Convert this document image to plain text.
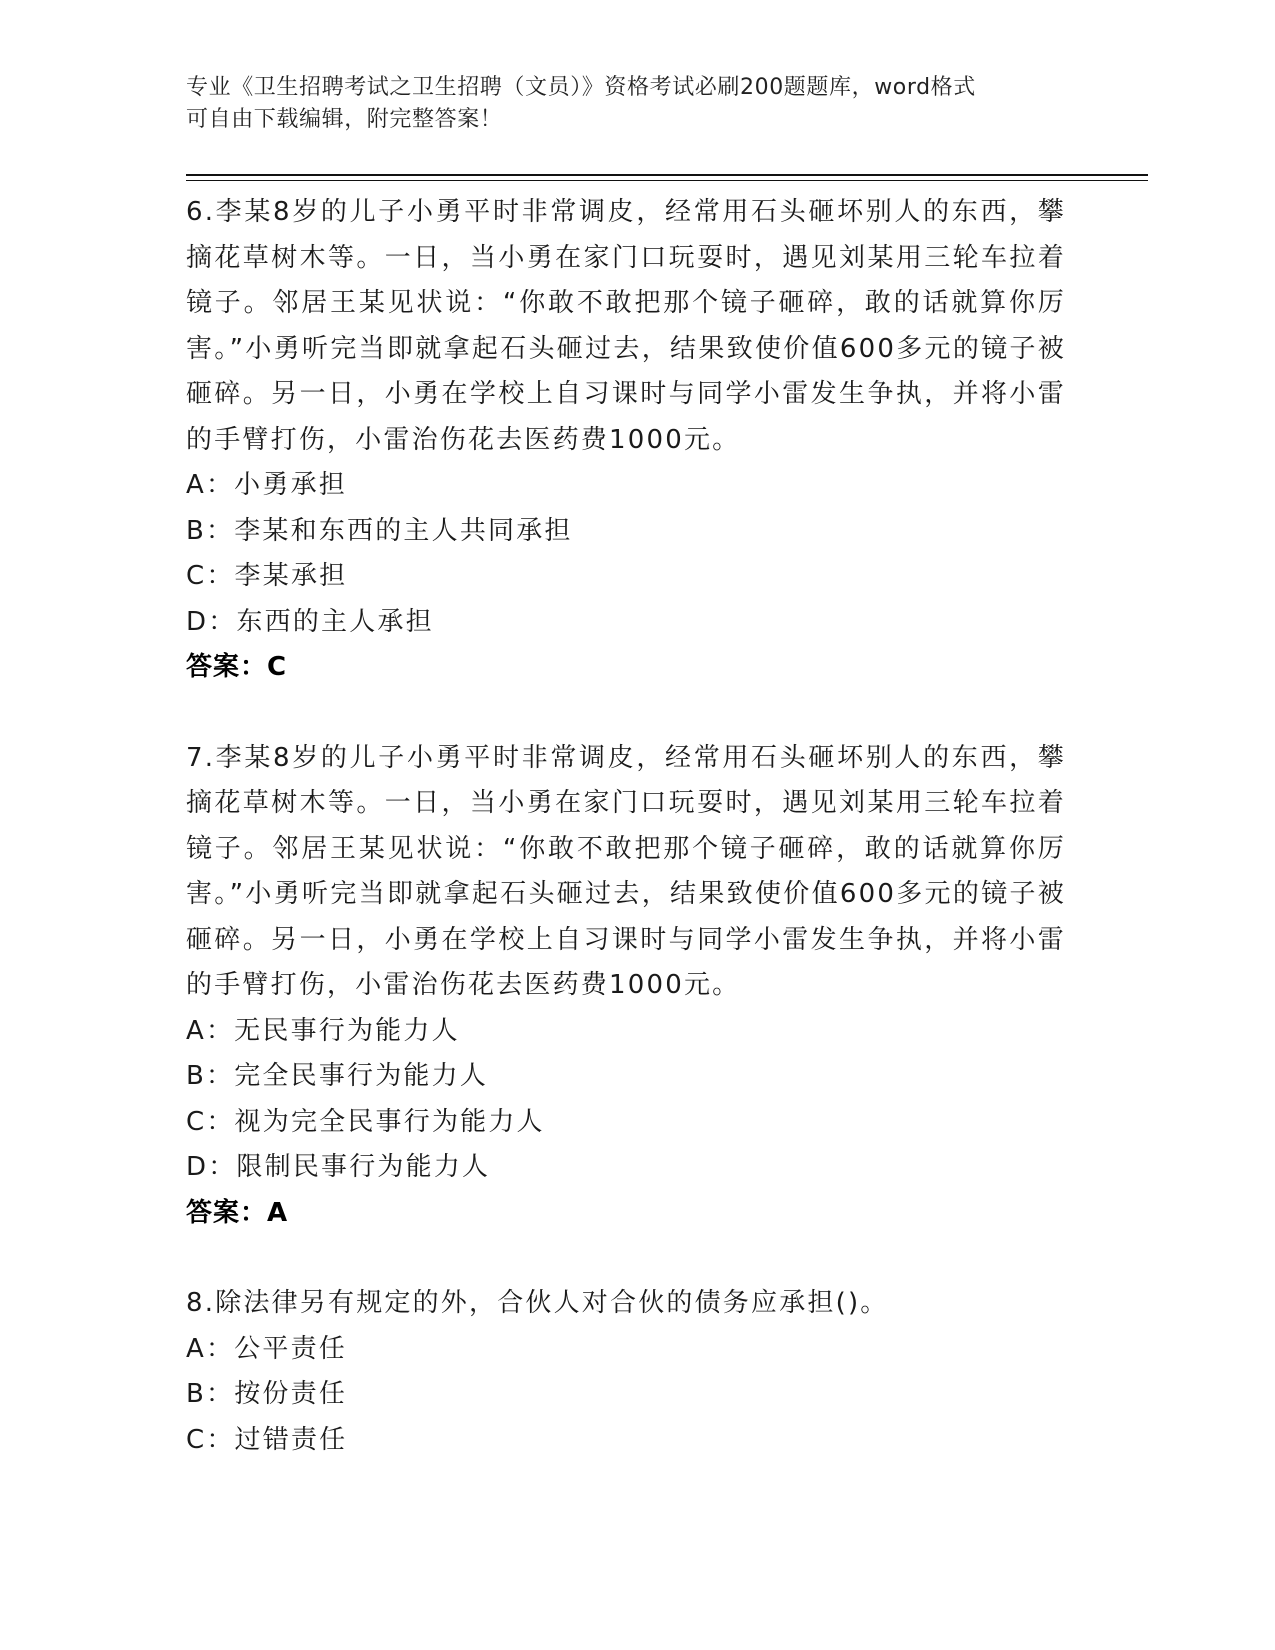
专业《卫生招聘考试之卫生招聘（文员）》资格考试必刷200题题库，word格式
可自由下载编辑，附完整答案！
6.李某8岁的儿子小勇平时非常调皮，经常用石头砸坏别人的东西，攀摘花草树木等。一日，当小勇在家门口玩耍时，遇见刘某用三轮车拉着镜子。邻居王某见状说：“你敢不敢把那个镜子砸碎，敢的话就算你厉害。”小勇听完当即就拿起石头砸过去，结果致使价值600多元的镜子被砸碎。另一日，小勇在学校上自习课时与同学小雷发生争执，并将小雷的手臂打伤，小雷治伤花去医药费1000元。
A：小勇承担
B：李某和东西的主人共同承担
C：李某承担
D：东西的主人承担
答案：C
7.李某8岁的儿子小勇平时非常调皮，经常用石头砸坏别人的东西，攀摘花草树木等。一日，当小勇在家门口玩耍时，遇见刘某用三轮车拉着镜子。邻居王某见状说：“你敢不敢把那个镜子砸碎，敢的话就算你厉害。”小勇听完当即就拿起石头砸过去，结果致使价值600多元的镜子被砸碎。另一日，小勇在学校上自习课时与同学小雷发生争执，并将小雷的手臂打伤，小雷治伤花去医药费1000元。
A：无民事行为能力人
B：完全民事行为能力人
C：视为完全民事行为能力人
D：限制民事行为能力人
答案：A
8.除法律另有规定的外，合伙人对合伙的债务应承担()。
A：公平责任
B：按份责任
C：过错责任
